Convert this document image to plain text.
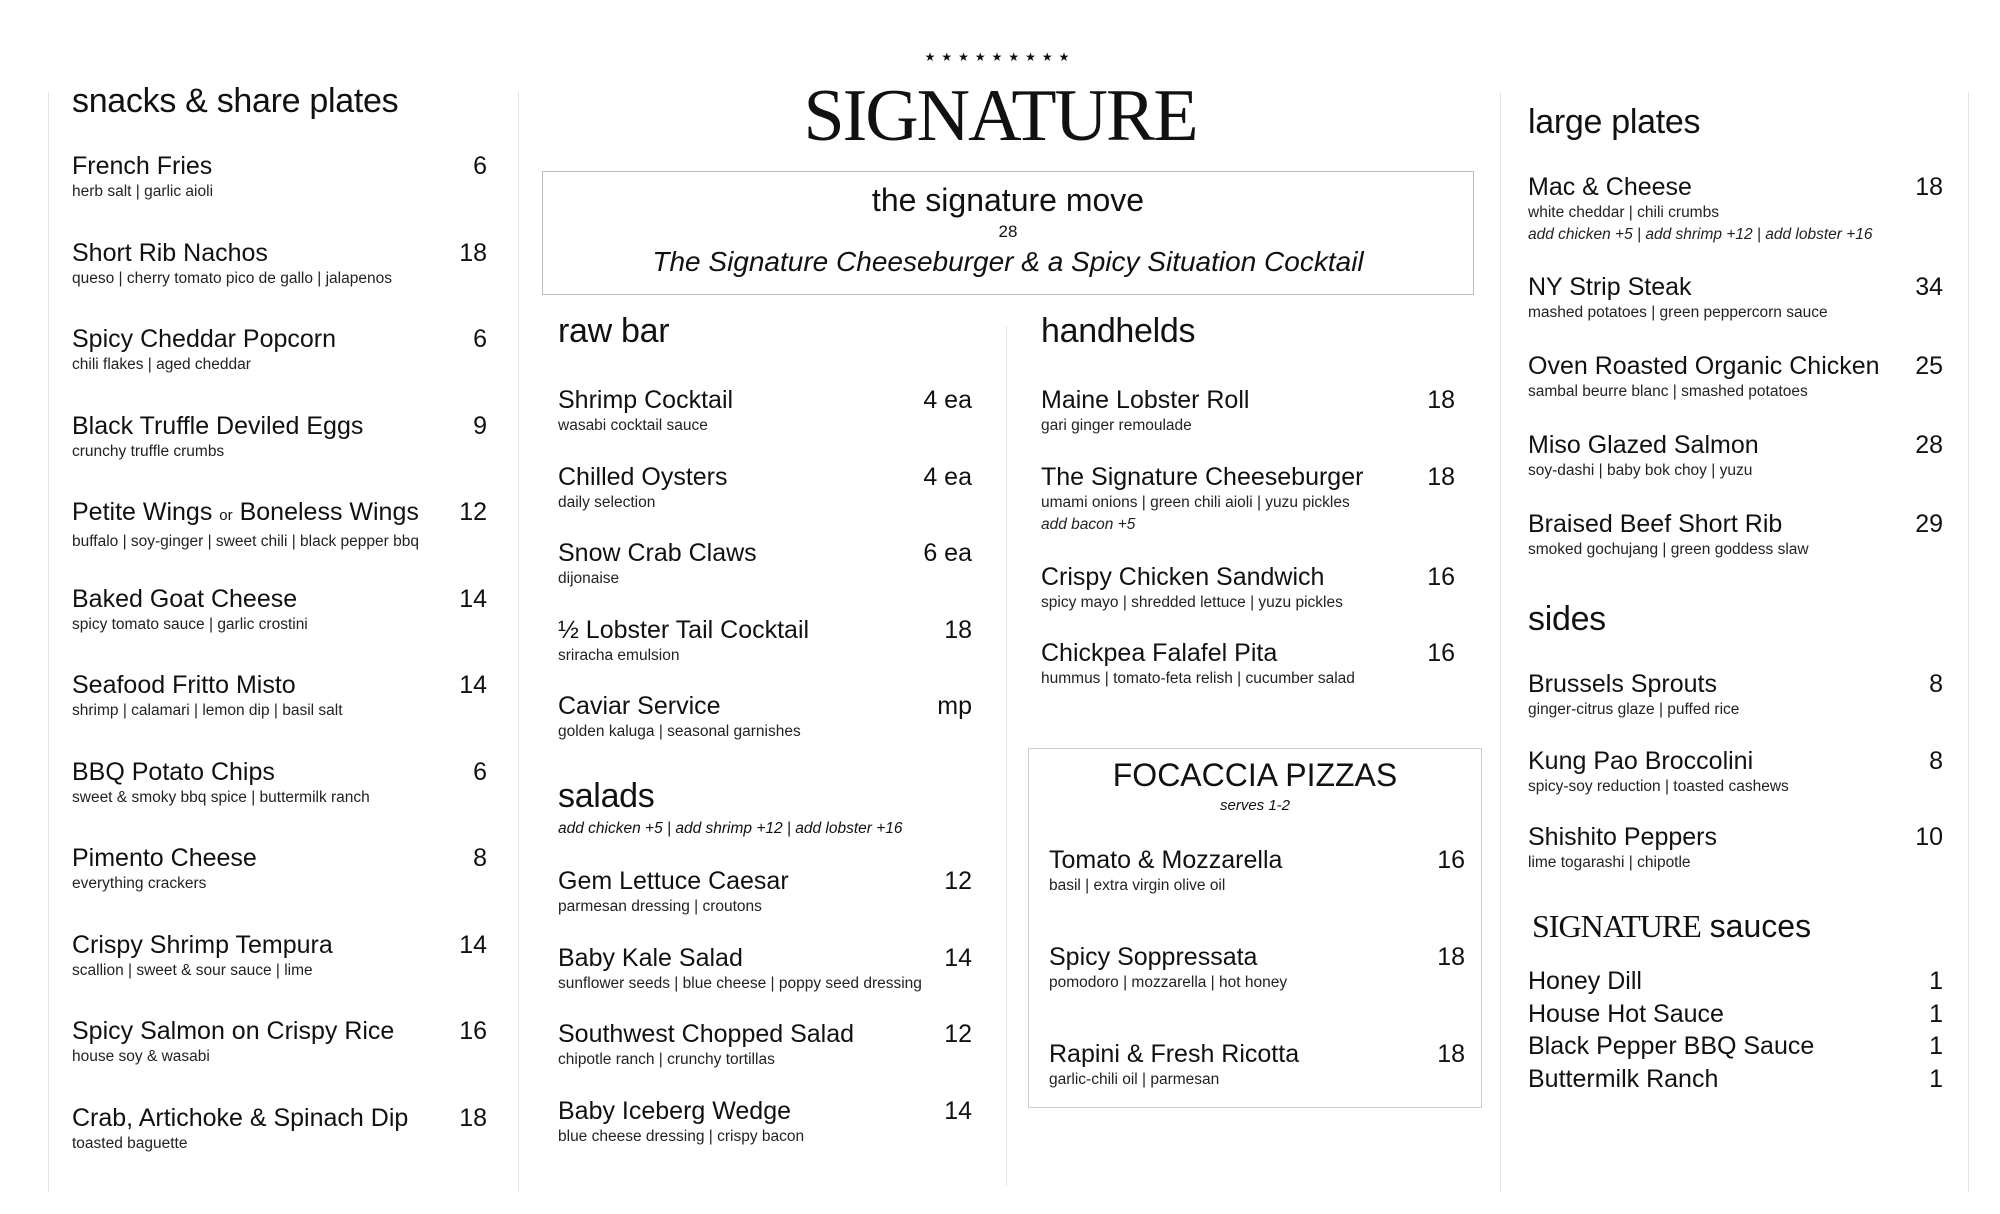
★★★★★★★★★
SIGNATURE
the signature move
28
The Signature Cheeseburger & a Spicy Situation Cocktail
snacks & share plates
French Fries
herb salt | garlic aioli
6
Short Rib Nachos
queso | cherry tomato pico de gallo | jalapenos
18
Spicy Cheddar Popcorn
chili flakes | aged cheddar
6
Black Truffle Deviled Eggs
crunchy truffle crumbs
9
Petite Wings or Boneless Wings
buffalo | soy-ginger | sweet chili | black pepper bbq
12
Baked Goat Cheese
spicy tomato sauce | garlic crostini
14
Seafood Fritto Misto
shrimp | calamari | lemon dip | basil salt
14
BBQ Potato Chips
sweet & smoky bbq spice | buttermilk ranch
6
Pimento Cheese
everything crackers
8
Crispy Shrimp Tempura
scallion | sweet & sour sauce | lime
14
Spicy Salmon on Crispy Rice
house soy & wasabi
16
Crab, Artichoke & Spinach Dip
toasted baguette
18
raw bar
Shrimp Cocktail
wasabi cocktail sauce
4 ea
Chilled Oysters
daily selection
4 ea
Snow Crab Claws
dijonaise
6 ea
½ Lobster Tail Cocktail
sriracha emulsion
18
Caviar Service
golden kaluga | seasonal garnishes
mp
salads
add chicken +5 | add shrimp +12 | add lobster +16
Gem Lettuce Caesar
parmesan dressing | croutons
12
Baby Kale Salad
sunflower seeds | blue cheese | poppy seed dressing
14
Southwest Chopped Salad
chipotle ranch | crunchy tortillas
12
Baby Iceberg Wedge
blue cheese dressing | crispy bacon
14
handhelds
Maine Lobster Roll
gari ginger remoulade
18
The Signature Cheeseburger
umami onions | green chili aioli | yuzu pickles
add bacon +5
18
Crispy Chicken Sandwich
spicy mayo | shredded lettuce | yuzu pickles
16
Chickpea Falafel Pita
hummus | tomato-feta relish | cucumber salad
16
FOCACCIA PIZZAS
serves 1-2
Tomato & Mozzarella
basil | extra virgin olive oil
16
Spicy Soppressata
pomodoro | mozzarella | hot honey
18
Rapini & Fresh Ricotta
garlic-chili oil | parmesan
18
large plates
Mac & Cheese
white cheddar | chili crumbs
add chicken +5 | add shrimp +12 | add lobster +16
18
NY Strip Steak
mashed potatoes | green peppercorn sauce
34
Oven Roasted Organic Chicken
sambal beurre blanc | smashed potatoes
25
Miso Glazed Salmon
soy-dashi | baby bok choy | yuzu
28
Braised Beef Short Rib
smoked gochujang | green goddess slaw
29
sides
Brussels Sprouts
ginger-citrus glaze | puffed rice
8
Kung Pao Broccolini
spicy-soy reduction | toasted cashews
8
Shishito Peppers
lime togarashi | chipotle
10
SIGNATURE sauces
Honey Dill	1
House Hot Sauce	1
Black Pepper BBQ Sauce	1
Buttermilk Ranch	1
